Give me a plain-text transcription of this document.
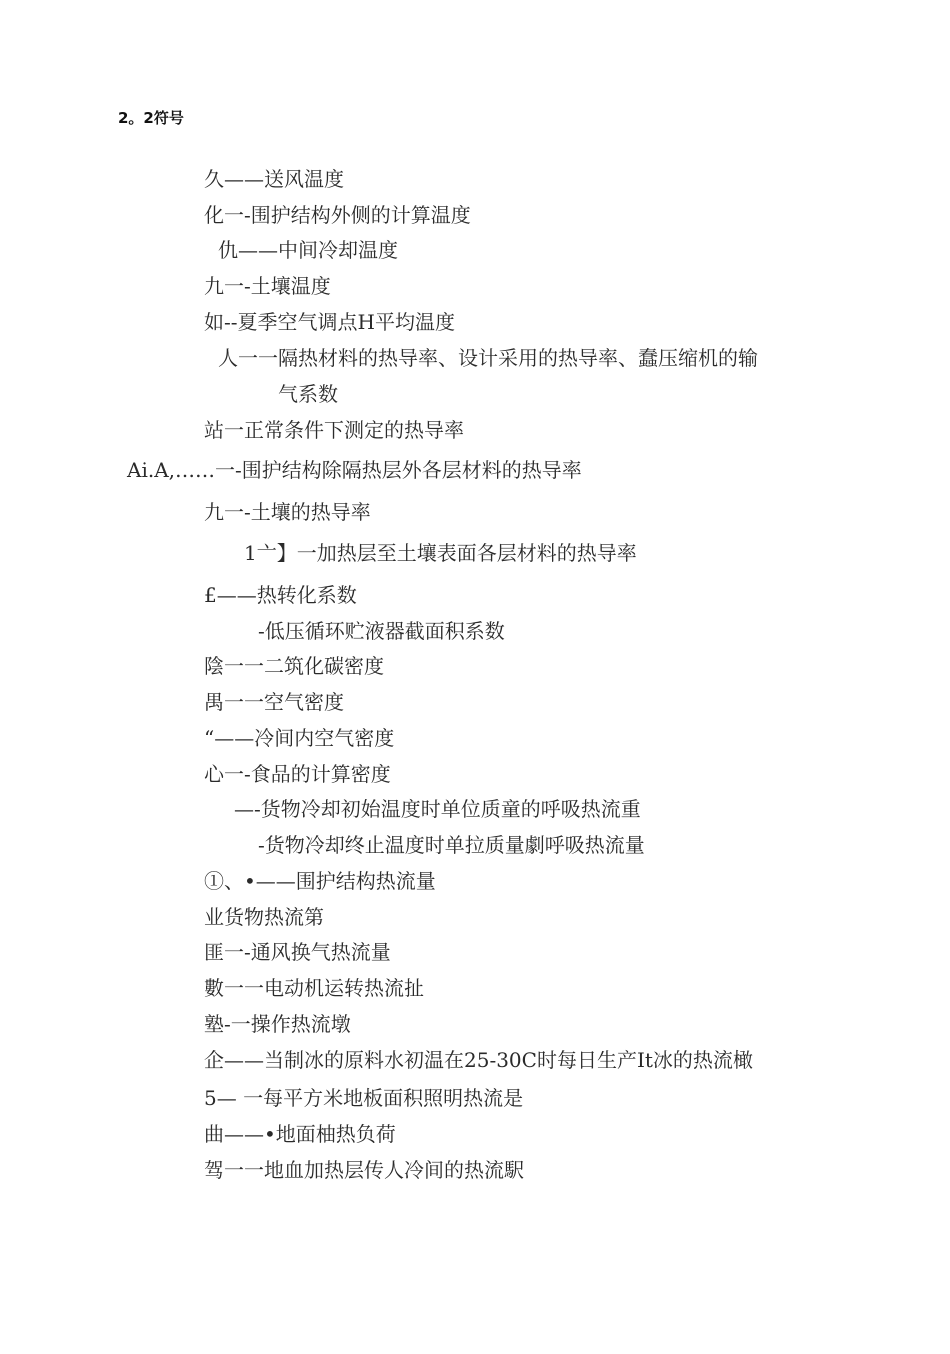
2。2符号
久——送风温度
化一-围护结构外侧的计算温度
仇——中间冷却温度
九一-土壤温度
如--夏季空气调点H平均温度
人一一隔热材料的热导率、设计采用的热导率、蠢压缩机的输
气系数
站一正常条件下测定的热导率
Ai.A,……一-围护结构除隔热层外各层材料的热导率
九一-土壤的热导率
1亠】一加热层至土壤表面各层材料的热导率
£——热转化系数
-低压循环贮液器截面积系数
陰一一二筑化碳密度
禺一一空气密度
“——冷间内空气密度
心一-食品的计算密度
—-货物冷却初始温度时单位质童的呼吸热流重
-货物冷却终止温度时单拉质量劇呼吸热流量
①、•——围护结构热流量
业货物热流第
匪一-通风换气热流量
數一一电动机运转热流扯
塾-一操作热流墩
企——当制冰的原料水初温在25-30C时每日生产It冰的热流橄
5— 一每平方米地板面积照明热流是
曲——•地面柚热负荷
驾一一地血加热层传人冷间的热流駅
